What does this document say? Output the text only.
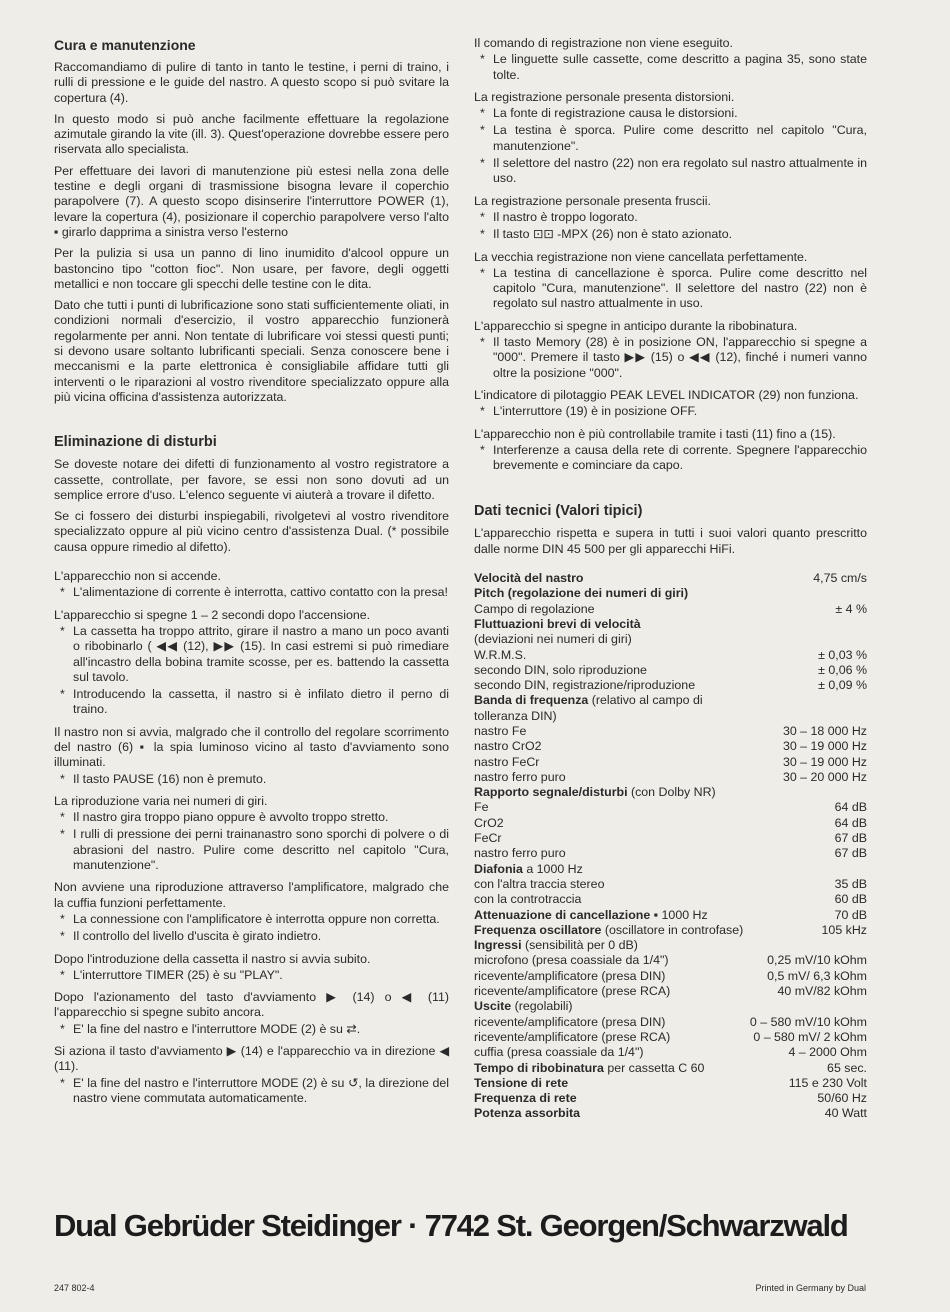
Cura e manutenzione

Raccomandiamo di pulire di tanto in tanto le testine, i perni di traino, i rulli di pressione e le guide del nastro. A questo scopo si può svitare la copertura (4).

In questo modo si può anche facilmente effettuare la regolazione azimutale girando la vite (ill. 3). Quest'operazione dovrebbe essere pero riservata allo specialista.

Per effettuare dei lavori di manutenzione più estesi nella zona delle testine e degli organi di trasmissione bisogna levare il coperchio parapolvere (7). A questo scopo disinserire l'interruttore POWER (1), levare la copertura (4), posizionare il coperchio parapolvere verso l'alto ▪ girarlo dapprima a sinistra verso l'esterno

Per la pulizia si usa un panno di lino inumidito d'alcool oppure un bastoncino tipo "cotton fioc". Non usare, per favore, degli oggetti metallici e non toccare gli specchi delle testine con le dita.

Dato che tutti i punti di lubrificazione sono stati sufficientemente oliati, in condizioni normali d'esercizio, il vostro apparecchio funzionerà regolarmente per anni. Non tentate di lubrificare voi stessi questi punti; si devono usare soltanto lubrificanti speciali. Senza conoscere bene i meccanismi e la parte elettronica è consigliabile affidare tutti gli interventi o le riparazioni al vostro rivenditore specializzato oppure alla più vicina officina d'assistenza autorizzata.

Eliminazione di disturbi

Se doveste notare dei difetti di funzionamento al vostro registratore a cassette, controllate, per favore, se essi non sono dovuti ad un semplice errore d'uso. L'elenco seguente vi aiuterà a trovare il difetto.

Se ci fossero dei disturbi inspiegabili, rivolgetevi al vostro rivenditore specializzato oppure al più vicino centro d'assistenza Dual. (* possibile causa oppure rimedio al difetto).

L'apparecchio non si accende.

* L'alimentazione di corrente è interrotta, cattivo contatto con la presa!

L'apparecchio si spegne 1 – 2 secondi dopo l'accensione.

* La cassetta ha troppo attrito, girare il nastro a mano un poco avanti o ribobinarlo ( ◀◀ (12), ▶▶ (15). In casi estremi si può rimediare all'incastro della bobina tramite scosse, per es. battendo la cassetta sul tavolo.
* Introducendo la cassetta, il nastro si è infilato dietro il perno di traino.

Il nastro non si avvia, malgrado che il controllo del regolare scorrimento del nastro (6) ▪ la spia luminoso vicino al tasto d'avviamento sono illuminati.

* Il tasto PAUSE (16) non è premuto.

La riproduzione varia nei numeri di giri.

* Il nastro gira troppo piano oppure è avvolto troppo stretto.
* I rulli di pressione dei perni trainanastro sono sporchi di polvere o di abrasioni del nastro. Pulire come descritto nel capitolo "Cura, manutenzione".

Non avviene una riproduzione attraverso l'amplificatore, malgrado che la cuffia funzioni perfettamente.

* La connessione con l'amplificatore è interrotta oppure non corretta.
* Il controllo del livello d'uscita è girato indietro.

Dopo l'introduzione della cassetta il nastro si avvia subito.

* L'interruttore TIMER (25) è su "PLAY".

Dopo l'azionamento del tasto d'avviamento ▶ (14) o ◀ (11) l'apparecchio si spegne subito ancora.

* E' la fine del nastro e l'interruttore MODE (2) è su ⇄.

Si aziona il tasto d'avviamento ▶ (14) e l'apparecchio va in direzione ◀ (11).

* E' la fine del nastro e l'interruttore MODE (2) è su ↺, la direzione del nastro viene commutata automaticamente.

Il comando di registrazione non viene eseguito.

* Le linguette sulle cassette, come descritto a pagina 35, sono state tolte.

La registrazione personale presenta distorsioni.

* La fonte di registrazione causa le distorsioni.
* La testina è sporca. Pulire come descritto nel capitolo "Cura, manutenzione".
* Il selettore del nastro (22) non era regolato sul nastro attualmente in uso.

La registrazione personale presenta fruscii.

* Il nastro è troppo logorato.
* Il tasto ⊡⊡ -MPX (26) non è stato azionato.

La vecchia registrazione non viene cancellata perfettamente.

* La testina di cancellazione è sporca. Pulire come descritto nel capitolo "Cura, manutenzione". Il selettore del nastro (22) non è regolato sul nastro attualmente in uso.

L'apparecchio si spegne in anticipo durante la ribobinatura.

* Il tasto Memory (28) è in posizione ON, l'apparecchio si spegne a "000". Premere il tasto ▶▶ (15) o ◀◀ (12), finché i numeri vanno oltre la posizione "000".

L'indicatore di pilotaggio PEAK LEVEL INDICATOR (29) non funziona.

* L'interruttore (19) è in posizione OFF.

L'apparecchio non è più controllabile tramite i tasti (11) fino a (15).

* Interferenze a causa della rete di corrente. Spegnere l'apparecchio brevemente e cominciare da capo.
Dati tecnici (Valori tipici)

L'apparecchio rispetta e supera in tutti i suoi valori quanto prescritto dalle norme DIN 45 500 per gli apparecchi HiFi.

Velocità del nastro	4,75 cm/s
Pitch (regolazione dei numeri di giri)	
Campo di regolazione	± 4 %
Fluttuazioni brevi di velocità	
(deviazioni nei numeri di giri)	
W.R.M.S.	± 0,03 %
secondo DIN, solo riproduzione	± 0,06 %
secondo DIN, registrazione/riproduzione	± 0,09 %
Banda di frequenza (relativo al campo di tolleranza DIN)	
nastro Fe	30 – 18 000 Hz
nastro CrO2	30 – 19 000 Hz
nastro FeCr	30 – 19 000 Hz
nastro ferro puro	30 – 20 000 Hz
Rapporto segnale/disturbi (con Dolby NR)	
Fe	64 dB
CrO2	64 dB
FeCr	67 dB
nastro ferro puro	67 dB
Diafonia a 1000 Hz	
con l'altra traccia stereo	35 dB
con la controtraccia	60 dB
Attenuazione di cancellazione ▪ 1000 Hz	70 dB
Frequenza oscillatore (oscillatore in controfase)	105 kHz
Ingressi (sensibilità per 0 dB)	
microfono (presa coassiale da 1/4")	0,25 mV/10 kOhm
ricevente/amplificatore (presa DIN)	0,5 mV/ 6,3 kOhm
ricevente/amplificatore (prese RCA)	40 mV/82 kOhm
Uscite (regolabili)	
ricevente/amplificatore (presa DIN)	0 – 580 mV/10 kOhm
ricevente/amplificatore (prese RCA)	0 – 580 mV/ 2 kOhm
cuffia (presa coassiale da 1/4")	4 – 2000 Ohm
Tempo di ribobinatura per cassetta C 60	65 sec.
Tensione di rete	115 e 230 Volt
Frequenza di rete	50/60 Hz
Potenza assorbita	40 Watt
Dual Gebrüder Steidinger · 7742 St. Georgen/Schwarzwald
247 802-4	Printed in Germany by Dual
